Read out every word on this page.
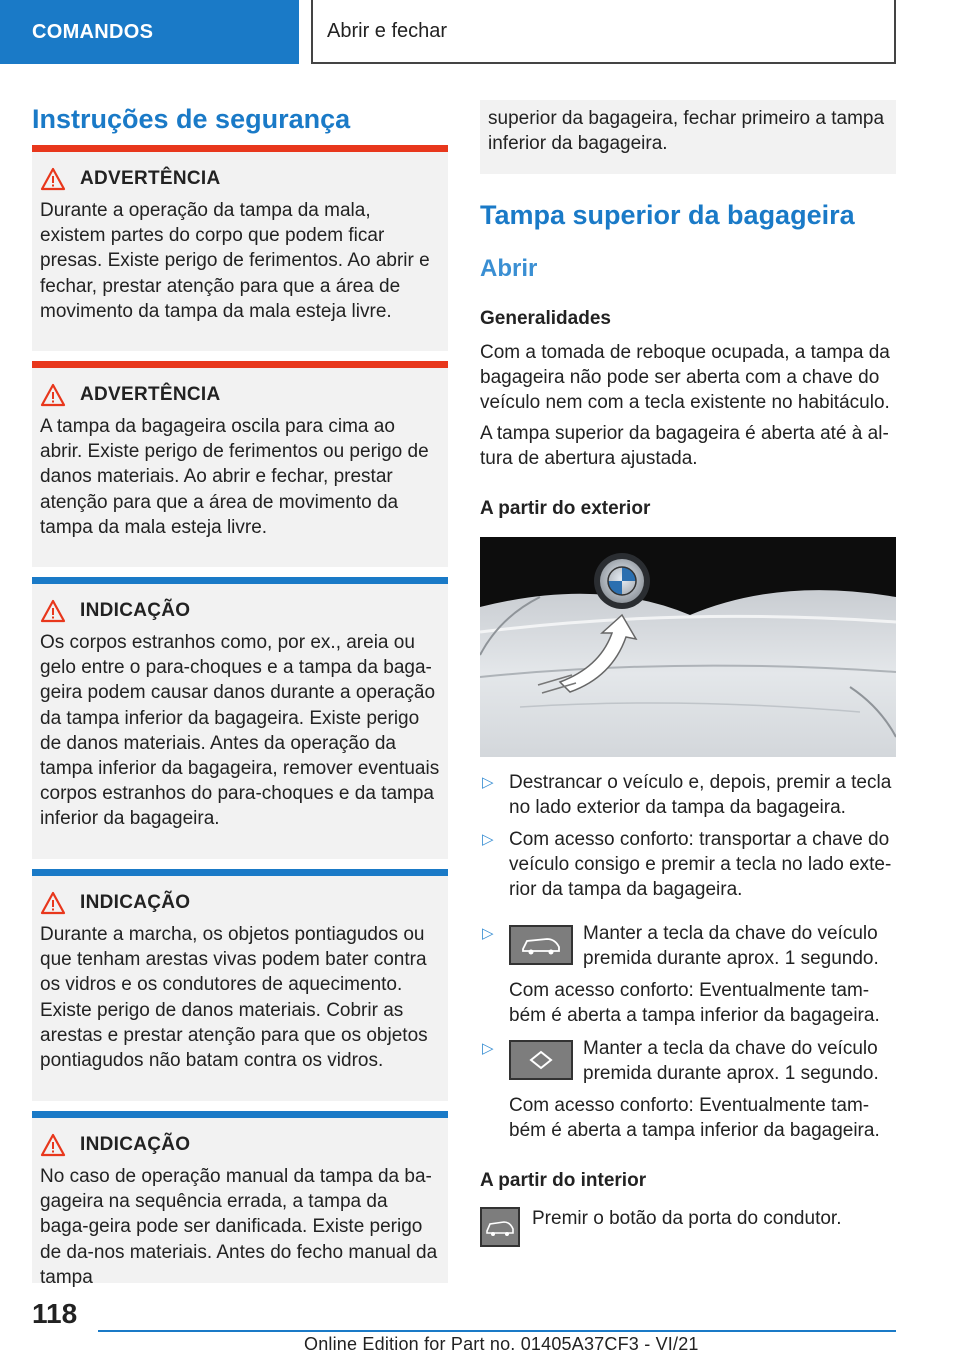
COMANDOS	Abrir e fechar
Instruções de segurança
ADVERTÊNCIA
Durante a operação da tampa da mala, existem partes do corpo que podem ficar presas. Existe perigo de ferimentos. Ao abrir e fechar, prestar atenção para que a área de movimento da tampa da mala esteja livre.
ADVERTÊNCIA
A tampa da bagageira oscila para cima ao abrir. Existe perigo de ferimentos ou perigo de danos materiais. Ao abrir e fechar, prestar atenção para que a área de movimento da tampa da mala esteja livre.
INDICAÇÃO
Os corpos estranhos como, por ex., areia ou gelo entre o para-choques e a tampa da baga-geira podem causar danos durante a operação da tampa inferior da bagageira. Existe perigo de danos materiais. Antes da operação da tampa inferior da bagageira, remover eventuais corpos estranhos do para-choques e da tampa inferior da bagageira.
INDICAÇÃO
Durante a marcha, os objetos pontiagudos ou que tenham arestas vivas podem bater contra os vidros e os condutores de aquecimento. Existe perigo de danos materiais. Cobrir as arestas e prestar atenção para que os objetos pontiagudos não batam contra os vidros.
INDICAÇÃO
No caso de operação manual da tampa da ba-gageira na sequência errada, a tampa da baga-geira pode ser danificada. Existe perigo de da-nos materiais. Antes do fecho manual da tampa

superior da bagageira, fechar primeiro a tampa inferior da bagageira.

Tampa superior da bagageira
Abrir
Generalidades

Com a tomada de reboque ocupada, a tampa da bagageira não pode ser aberta com a chave do veículo nem com a tecla existente no habitáculo.

A tampa superior da bagageira é aberta até à al-tura de abertura ajustada.

A partir do exterior
▷ Destrancar o veículo e, depois, premir a tecla no lado exterior da tampa da bagageira.
▷ Com acesso conforto: transportar a chave do veículo consigo e premir a tecla no lado exte-rior da tampa da bagageira.
▷	Manter a tecla da chave do veículo premida durante aprox. 1 segundo.
Com acesso conforto: Eventualmente tam-bém é aberta a tampa inferior da bagageira.
▷	Manter a tecla da chave do veículo premida durante aprox. 1 segundo.
Com acesso conforto: Eventualmente tam-bém é aberta a tampa inferior da bagageira.
A partir do interior

Premir o botão da porta do condutor.

118
Online Edition for Part no. 01405A37CF3 - VI/21
